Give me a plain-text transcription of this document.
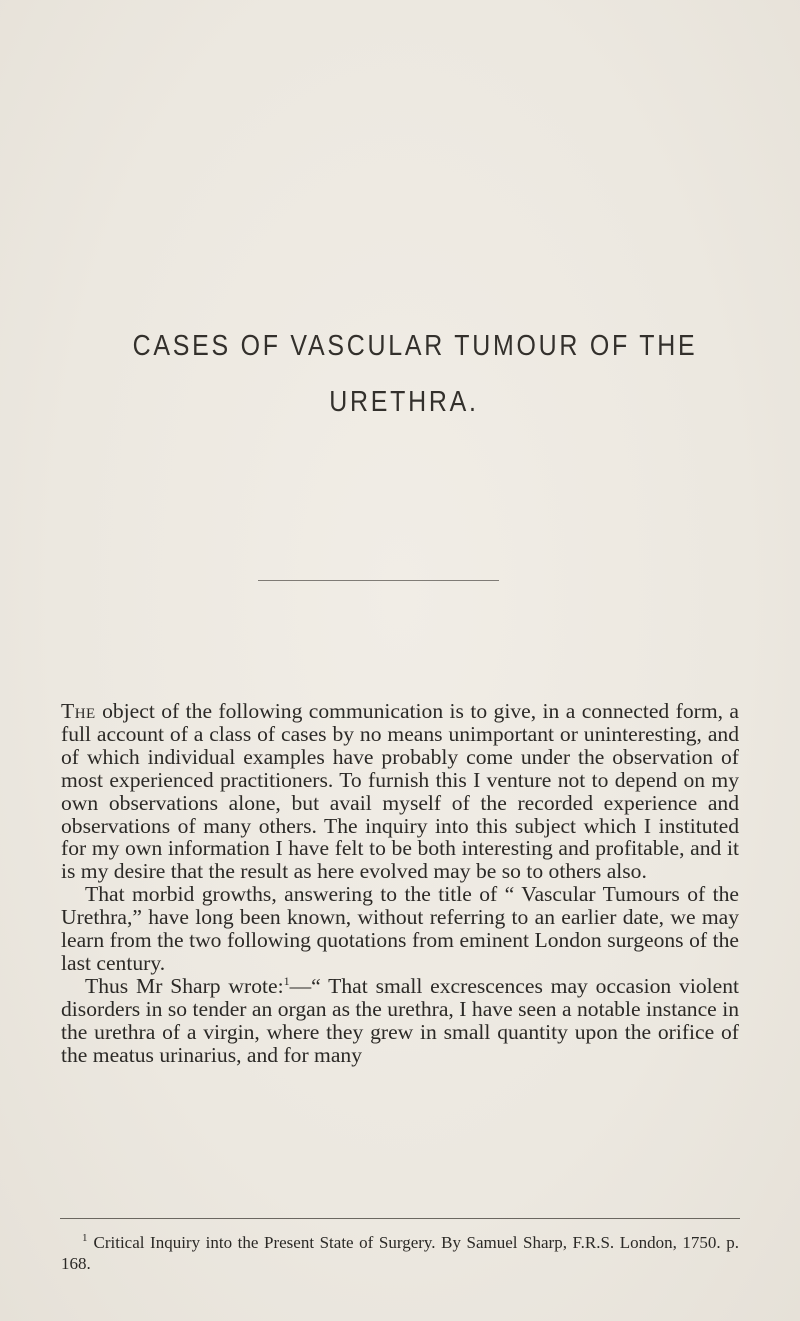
CASES OF VASCULAR TUMOUR OF THE
URETHRA.

The object of the following communication is to give, in a connected form, a full account of a class of cases by no means unimportant or uninteresting, and of which individual examples have probably come under the observation of most experienced practitioners. To furnish this I venture not to depend on my own observations alone, but avail myself of the recorded experience and observations of many others. The inquiry into this subject which I instituted for my own information I have felt to be both interesting and profitable, and it is my desire that the result as here evolved may be so to others also.

That morbid growths, answering to the title of “ Vascular Tumours of the Urethra,” have long been known, without referring to an earlier date, we may learn from the two following quotations from eminent London surgeons of the last century.

Thus Mr Sharp wrote:$^1$—“ That small excrescences may occasion violent disorders in so tender an organ as the urethra, I have seen a notable instance in the urethra of a virgin, where they grew in small quantity upon the orifice of the meatus urinarius, and for many

$^1$ Critical Inquiry into the Present State of Surgery. By Samuel Sharp, F.R.S. London, 1750. p. 168.
